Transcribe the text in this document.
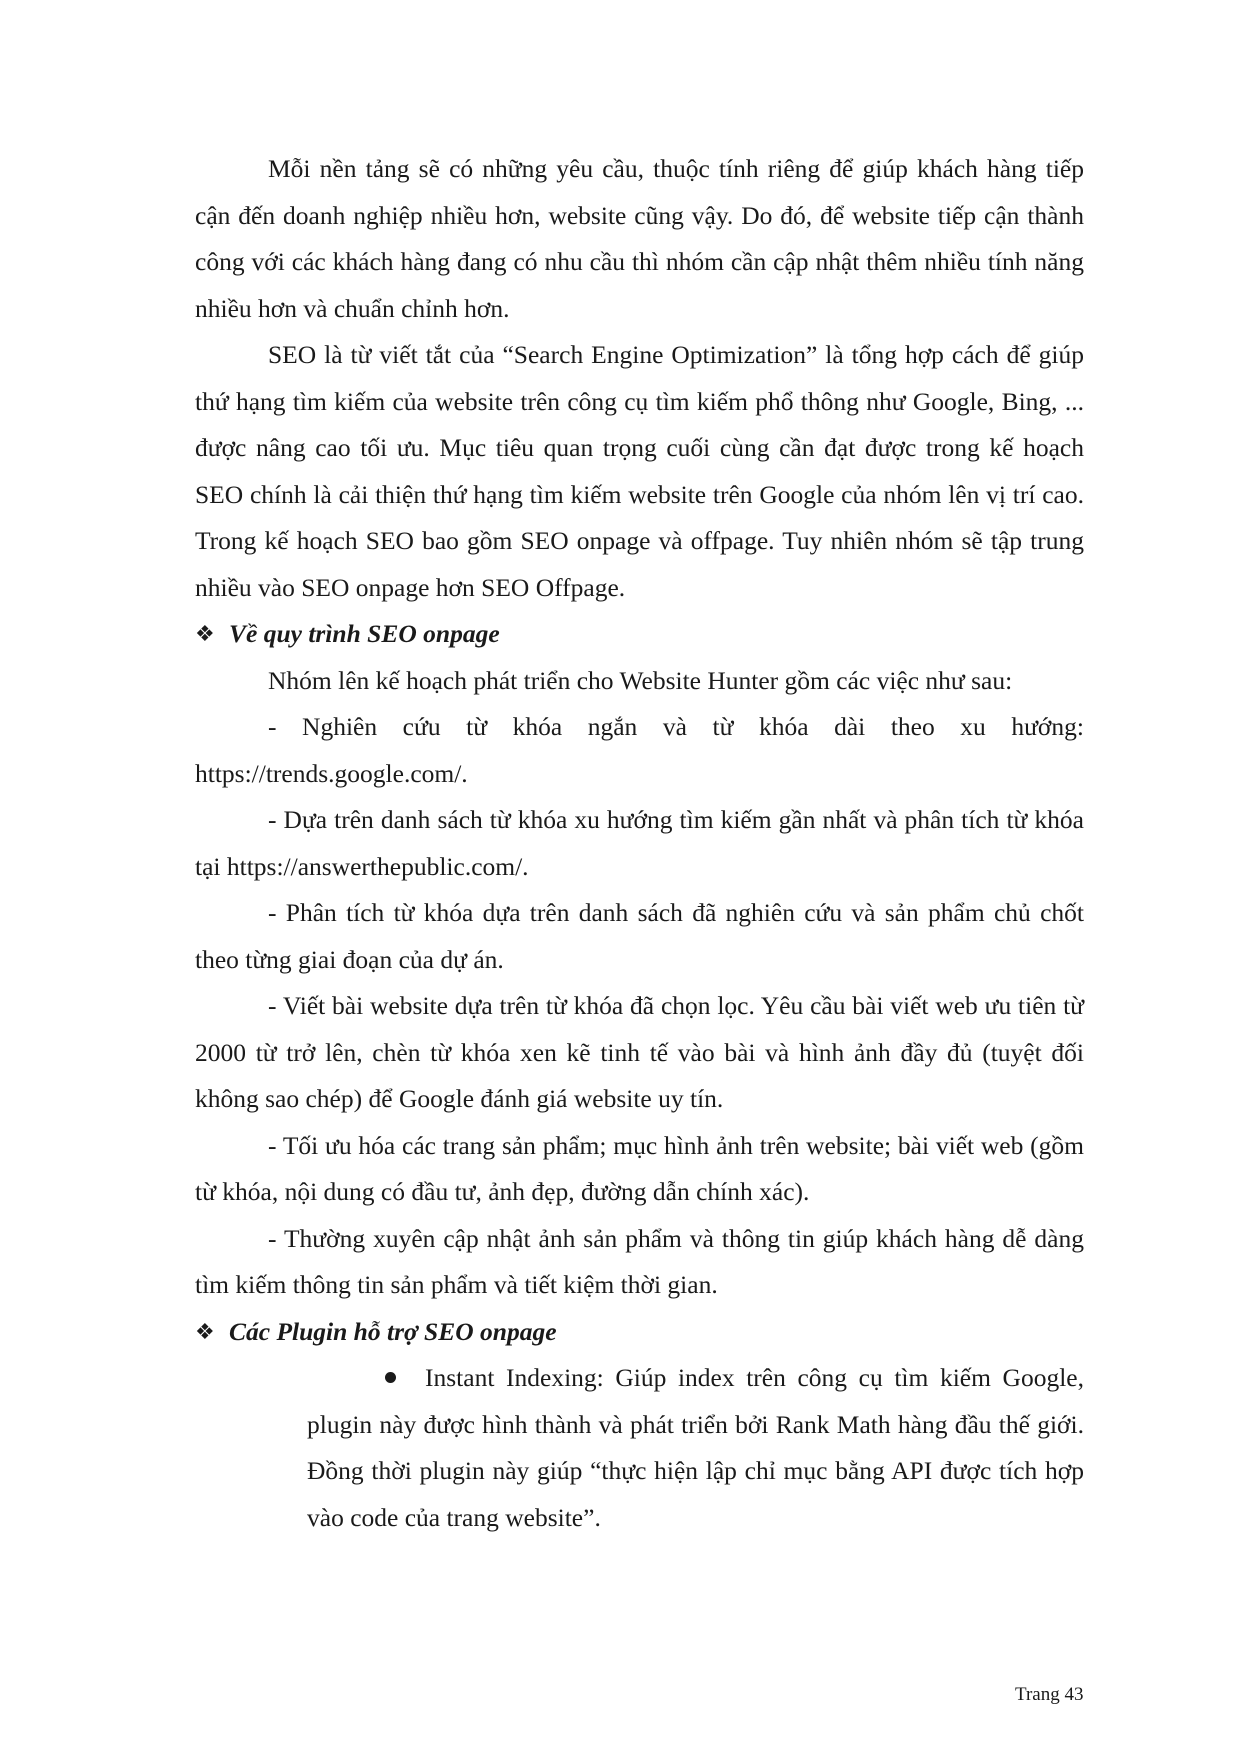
Mỗi nền tảng sẽ có những yêu cầu, thuộc tính riêng để giúp khách hàng tiếp cận đến doanh nghiệp nhiều hơn, website cũng vậy. Do đó, để website tiếp cận thành công với các khách hàng đang có nhu cầu thì nhóm cần cập nhật thêm nhiều tính năng nhiều hơn và chuẩn chỉnh hơn.

SEO là từ viết tắt của “Search Engine Optimization” là tổng hợp cách để giúp thứ hạng tìm kiếm của website trên công cụ tìm kiếm phổ thông như Google, Bing, ... được nâng cao tối ưu. Mục tiêu quan trọng cuối cùng cần đạt được trong kế hoạch SEO chính là cải thiện thứ hạng tìm kiếm website trên Google của nhóm lên vị trí cao. Trong kế hoạch SEO bao gồm SEO onpage và offpage. Tuy nhiên nhóm sẽ tập trung nhiều vào SEO onpage hơn SEO Offpage.

❖ Về quy trình SEO onpage

Nhóm lên kế hoạch phát triển cho Website Hunter gồm các việc như sau:

- Nghiên cứu từ khóa ngắn và từ khóa dài theo xu hướng: https://trends.google.com/.

- Dựa trên danh sách từ khóa xu hướng tìm kiếm gần nhất và phân tích từ khóa tại https://answerthepublic.com/.

- Phân tích từ khóa dựa trên danh sách đã nghiên cứu và sản phẩm chủ chốt theo từng giai đoạn của dự án.

- Viết bài website dựa trên từ khóa đã chọn lọc. Yêu cầu bài viết web ưu tiên từ 2000 từ trở lên, chèn từ khóa xen kẽ tinh tế vào bài và hình ảnh đầy đủ (tuyệt đối không sao chép) để Google đánh giá website uy tín.

- Tối ưu hóa các trang sản phẩm; mục hình ảnh trên website; bài viết web (gồm từ khóa, nội dung có đầu tư, ảnh đẹp, đường dẫn chính xác).

- Thường xuyên cập nhật ảnh sản phẩm và thông tin giúp khách hàng dễ dàng tìm kiếm thông tin sản phẩm và tiết kiệm thời gian.

❖ Các Plugin hỗ trợ SEO onpage

Instant Indexing: Giúp index trên công cụ tìm kiếm Google, plugin này được hình thành và phát triển bởi Rank Math hàng đầu thế giới. Đồng thời plugin này giúp “thực hiện lập chỉ mục bằng API được tích hợp vào code của trang website”.

Trang 43
